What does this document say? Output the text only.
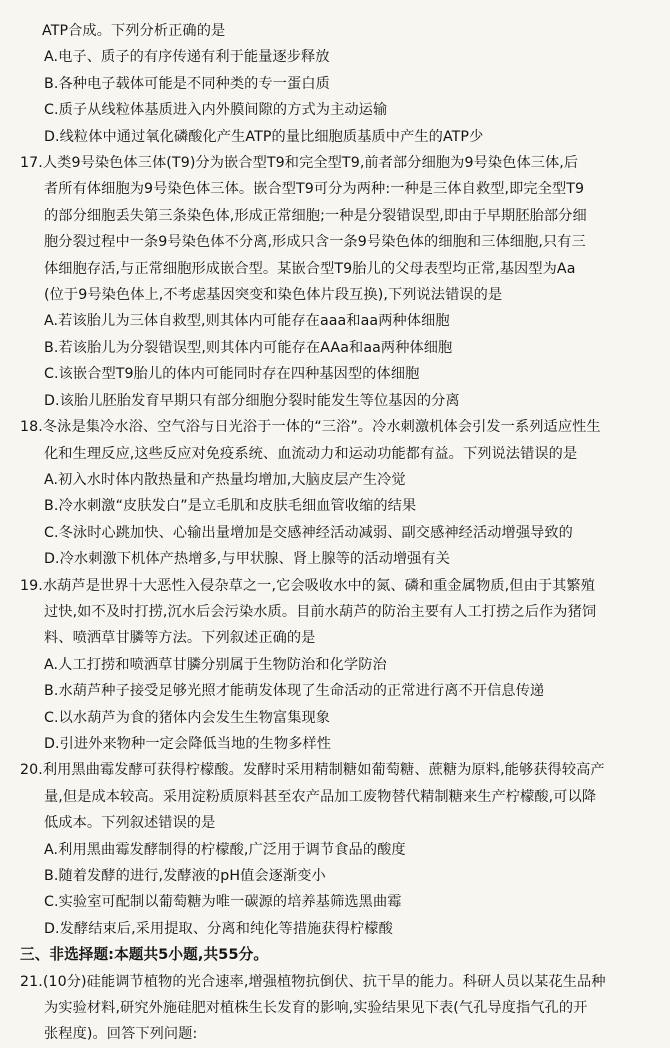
ATP合成。下列分析正确的是
A.电子、质子的有序传递有利于能量逐步释放
B.各种电子载体可能是不同种类的专一蛋白质
C.质子从线粒体基质进入内外膜间隙的方式为主动运输
D.线粒体中通过氧化磷酸化产生ATP的量比细胞质基质中产生的ATP少
17.人类9号染色体三体(T9)分为嵌合型T9和完全型T9,前者部分细胞为9号染色体三体,后
者所有体细胞为9号染色体三体。嵌合型T9可分为两种:一种是三体自救型,即完全型T9
的部分细胞丢失第三条染色体,形成正常细胞;一种是分裂错误型,即由于早期胚胎部分细
胞分裂过程中一条9号染色体不分离,形成只含一条9号染色体的细胞和三体细胞,只有三
体细胞存活,与正常细胞形成嵌合型。某嵌合型T9胎儿的父母表型均正常,基因型为Aa
(位于9号染色体上,不考虑基因突变和染色体片段互换),下列说法错误的是
A.若该胎儿为三体自救型,则其体内可能存在aaa和aa两种体细胞
B.若该胎儿为分裂错误型,则其体内可能存在AAa和aa两种体细胞
C.该嵌合型T9胎儿的体内可能同时存在四种基因型的体细胞
D.该胎儿胚胎发育早期只有部分细胞分裂时能发生等位基因的分离
18.冬泳是集冷水浴、空气浴与日光浴于一体的“三浴”。冷水刺激机体会引发一系列适应性生
化和生理反应,这些反应对免疫系统、血流动力和运动功能都有益。下列说法错误的是
A.初入水时体内散热量和产热量均增加,大脑皮层产生冷觉
B.冷水刺激“皮肤发白”是立毛肌和皮肤毛细血管收缩的结果
C.冬泳时心跳加快、心输出量增加是交感神经活动减弱、副交感神经活动增强导致的
D.冷水刺激下机体产热增多,与甲状腺、肾上腺等的活动增强有关
19.水葫芦是世界十大恶性入侵杂草之一,它会吸收水中的氮、磷和重金属物质,但由于其繁殖
过快,如不及时打捞,沉水后会污染水质。目前水葫芦的防治主要有人工打捞之后作为猪饲
料、喷洒草甘膦等方法。下列叙述正确的是
A.人工打捞和喷洒草甘膦分别属于生物防治和化学防治
B.水葫芦种子接受足够光照才能萌发体现了生命活动的正常进行离不开信息传递
C.以水葫芦为食的猪体内会发生生物富集现象
D.引进外来物种一定会降低当地的生物多样性
20.利用黑曲霉发酵可获得柠檬酸。发酵时采用精制糖如葡萄糖、蔗糖为原料,能够获得较高产
量,但是成本较高。采用淀粉质原料甚至农产品加工废物替代精制糖来生产柠檬酸,可以降
低成本。下列叙述错误的是
A.利用黑曲霉发酵制得的柠檬酸,广泛用于调节食品的酸度
B.随着发酵的进行,发酵液的pH值会逐渐变小
C.实验室可配制以葡萄糖为唯一碳源的培养基筛选黑曲霉
D.发酵结束后,采用提取、分离和纯化等措施获得柠檬酸
三、非选择题:本题共5小题,共55分。
21.(10分)硅能调节植物的光合速率,增强植物抗倒伏、抗干旱的能力。科研人员以某花生品种
为实验材料,研究外施硅肥对植株生长发育的影响,实验结果见下表(气孔导度指气孔的开
张程度)。回答下列问题:
